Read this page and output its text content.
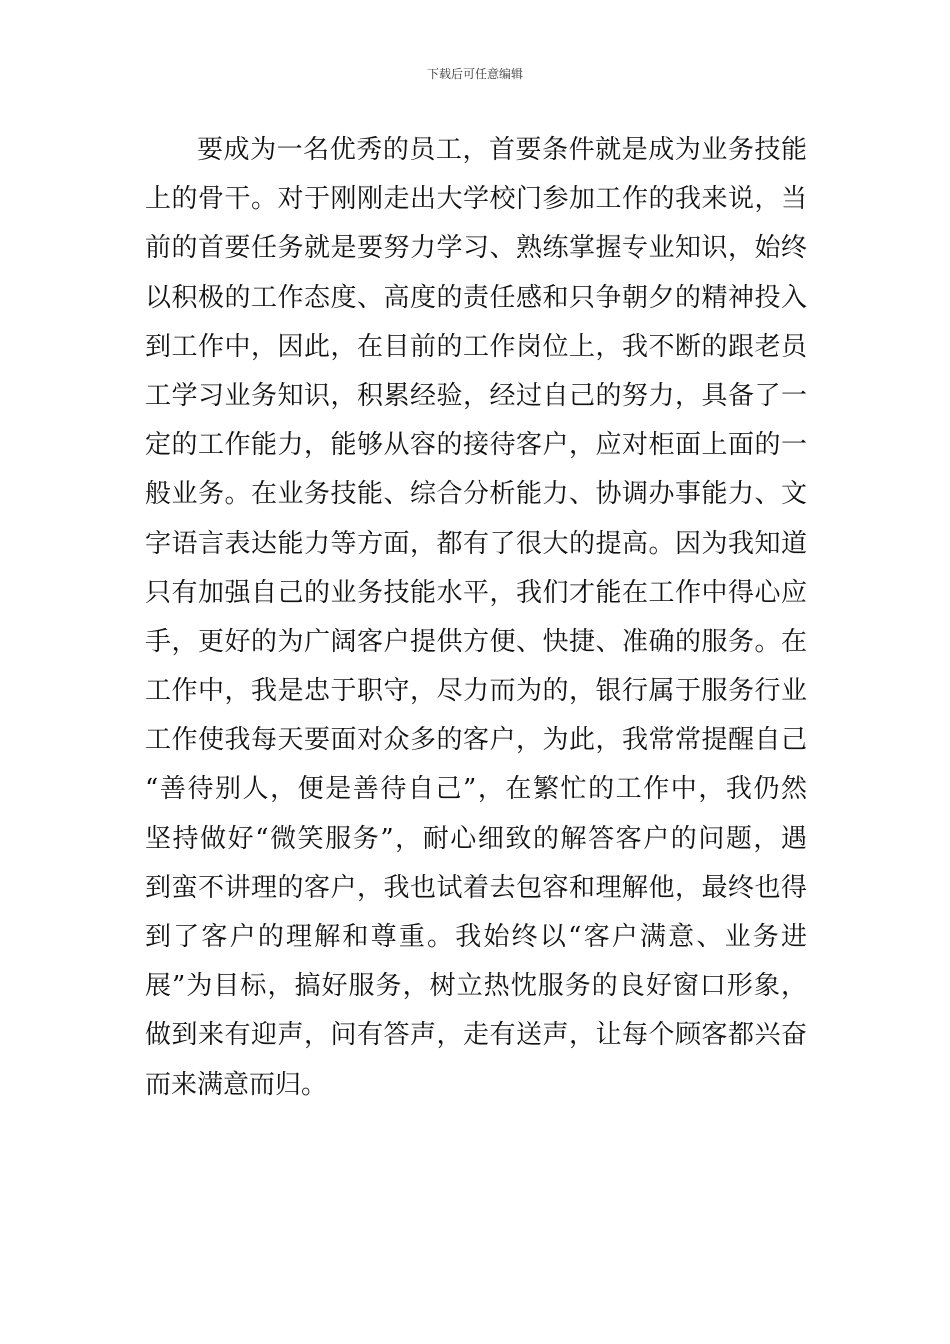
下载后可任意编辑
要成为一名优秀的员工，首要条件就是成为业务技能
上的骨干。对于刚刚走出大学校门参加工作的我来说，当
前的首要任务就是要努力学习、熟练掌握专业知识，始终
以积极的工作态度、高度的责任感和只争朝夕的精神投入
到工作中，因此，在目前的工作岗位上，我不断的跟老员
工学习业务知识，积累经验，经过自己的努力，具备了一
定的工作能力，能够从容的接待客户，应对柜面上面的一
般业务。在业务技能、综合分析能力、协调办事能力、文
字语言表达能力等方面，都有了很大的提高。因为我知道
只有加强自己的业务技能水平，我们才能在工作中得心应
手，更好的为广阔客户提供方便、快捷、准确的服务。在
工作中，我是忠于职守，尽力而为的，银行属于服务行业
工作使我每天要面对众多的客户，为此，我常常提醒自己
“善待别人，便是善待自己”，在繁忙的工作中，我仍然
坚持做好“微笑服务”，耐心细致的解答客户的问题，遇
到蛮不讲理的客户，我也试着去包容和理解他，最终也得
到了客户的理解和尊重。我始终以“客户满意、业务进
展”为目标，搞好服务，树立热忱服务的良好窗口形象，
做到来有迎声，问有答声，走有送声，让每个顾客都兴奋
而来满意而归。
